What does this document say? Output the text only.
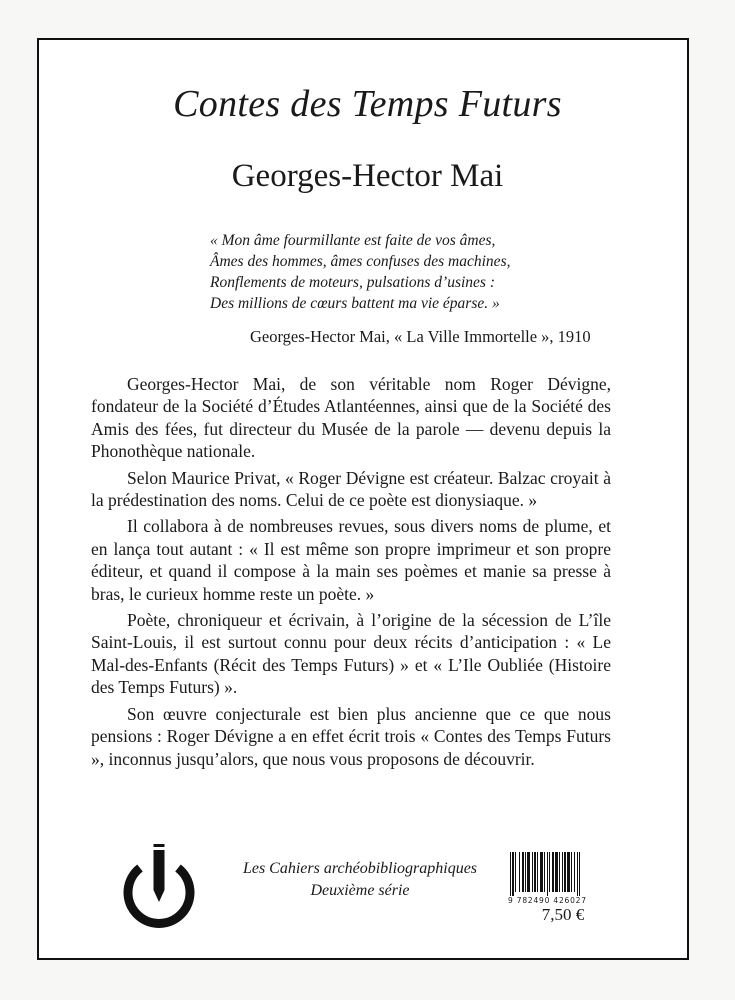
Contes des Temps Futurs
Georges-Hector Mai
« Mon âme fourmillante est faite de vos âmes,
Âmes des hommes, âmes confuses des machines,
Ronflements de moteurs, pulsations d’usines :
Des millions de cœurs battent ma vie éparse. »
Georges-Hector Mai, « La Ville Immortelle », 1910

Georges-Hector Mai, de son véritable nom Roger Dévigne, fondateur de la Société d’Études Atlantéennes, ainsi que de la Société des Amis des fées, fut directeur du Musée de la parole — devenu depuis la Phonothèque nationale.

Selon Maurice Privat, « Roger Dévigne est créateur. Balzac croyait à la prédestination des noms. Celui de ce poète est dionysiaque. »

Il collabora à de nombreuses revues, sous divers noms de plume, et en lança tout autant : « Il est même son propre imprimeur et son propre éditeur, et quand il compose à la main ses poèmes et manie sa presse à bras, le curieux homme reste un poète. »

Poète, chroniqueur et écrivain, à l’origine de la sécession de L’île Saint-Louis, il est surtout connu pour deux récits d’anticipation : « Le Mal-des-Enfants (Récit des Temps Futurs) » et « L’Ile Oubliée (Histoire des Temps Futurs) ».

Son œuvre conjecturale est bien plus ancienne que ce que nous pensions : Roger Dévigne a en effet écrit trois « Contes des Temps Futurs », inconnus jusqu’alors, que nous vous proposons de découvrir.

Les Cahiers archéobibliographiques
Deuxième série
9 782490 426027
7,50 €
